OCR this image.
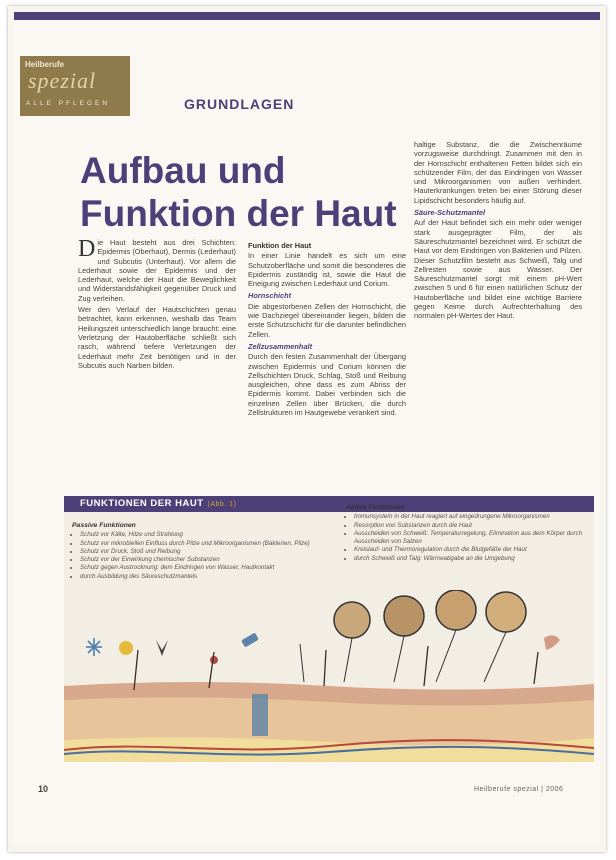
Heilberufe
spezial
ALLE PFLEGEN	GRUNDLAGEN
Aufbau und
Funktion der Haut

haltige Substanz, die die Zwischenräume vorzugsweise durchdringt. Zusammen mit den in der Hornschicht enthaltenen Fetten bildet sich ein schützender Film, der das Eindringen von Wasser und Mikroorganismen von außen verhindert. Hauterkrankungen treten bei einer Störung dieser Lipidschicht besonders häufig auf.

Säure-Schutzmantel

Auf der Haut befindet sich ein mehr oder weniger stark ausgeprägter Film, der als Säureschutzmantel bezeichnet wird. Er schützt die Haut vor dem Eindringen von Bakterien und Pilzen. Dieser Schutzfilm besteht aus Schweiß, Talg und Zellresten sowie aus Wasser. Der Säureschutzmantel sorgt mit einem pH-Wert zwischen 5 und 6 für einen natürlichen Schutz der Hautoberfläche und bildet eine wichtige Barriere gegen Keime durch Aufrechterhaltung des normalen pH-Wertes der Haut.

Die Haut besteht aus drei Schichten: Epidermis (Oberhaut), Dermis (Lederhaut) und Subcutis (Unterhaut). Vor allem die Lederhaut sowie der Epidermis und der Lederhaut, welche der Haut die Beweglichkeit und Widerstandsfähigkeit gegenüber Druck und Zug verleihen.

Wer den Verlauf der Hautschichten genau betrachtet, kann erkennen, weshalb das Team Heilungszeit unterschiedlich lange braucht: eine Verletzung der Hautoberfläche schließt sich rasch, während tiefere Verletzungen der Lederhaut mehr Zeit benötigen und in der Subcutis auch Narben bilden.

Funktion der Haut

In einer Linie handelt es sich um eine Schutzoberfläche und somit die besonderes die Epidermis zuständig ist, sowie die Haut die Eneigung zwischen Lederhaut und Corium.

Hornschicht

Die abgestorbenen Zellen der Hornschicht, die wie Dachziegel übereinander liegen, bilden die erste Schutzschicht für die darunter befindlichen Zellen.

Zellzusammenhalt

Durch den festen Zusammenhalt der Übergang zwischen Epidermis und Corium können die Zellschichten Druck, Schlag, Stoß und Reibung ausgleichen, ohne dass es zum Abriss der Epidermis kommt. Dabei verbinden sich die einzelnen Zellen über Brücken, die durch Zellstrukturen im Hautgewebe verankert sind.

FUNKTIONEN DER HAUT (Abb. 1)
Passive Funktionen
• Schutz vor Kälte, Hitze und Strahlung
• Schutz vor mikrobiellen Einfluss durch Pilze und Mikroorganismen (Bakterien, Pilze)
• Schutz vor Druck, Stoß und Reibung
• Schutz vor der Einwirkung chemischer Substanzen
• Schutz gegen Austrocknung: dem Eindringen von Wasser, Hautkontakt
• durch Ausbildung des Säureschutzmantels
Aktive Funktionen
• Immunsystem in der Haut reagiert auf eingedrungene Mikroorganismen
• Resorption von Substanzen durch die Haut
• Ausscheiden von Schweiß: Temperaturregelung, Elimination aus dem Körper durch Ausscheiden von Salzen
• Kreislauf- und Thermoregulation durch die Blutgefäße der Haut
• durch Schweiß und Talg: Wärmeabgabe an die Umgebung
10	Heilberufe spezial | 2006
